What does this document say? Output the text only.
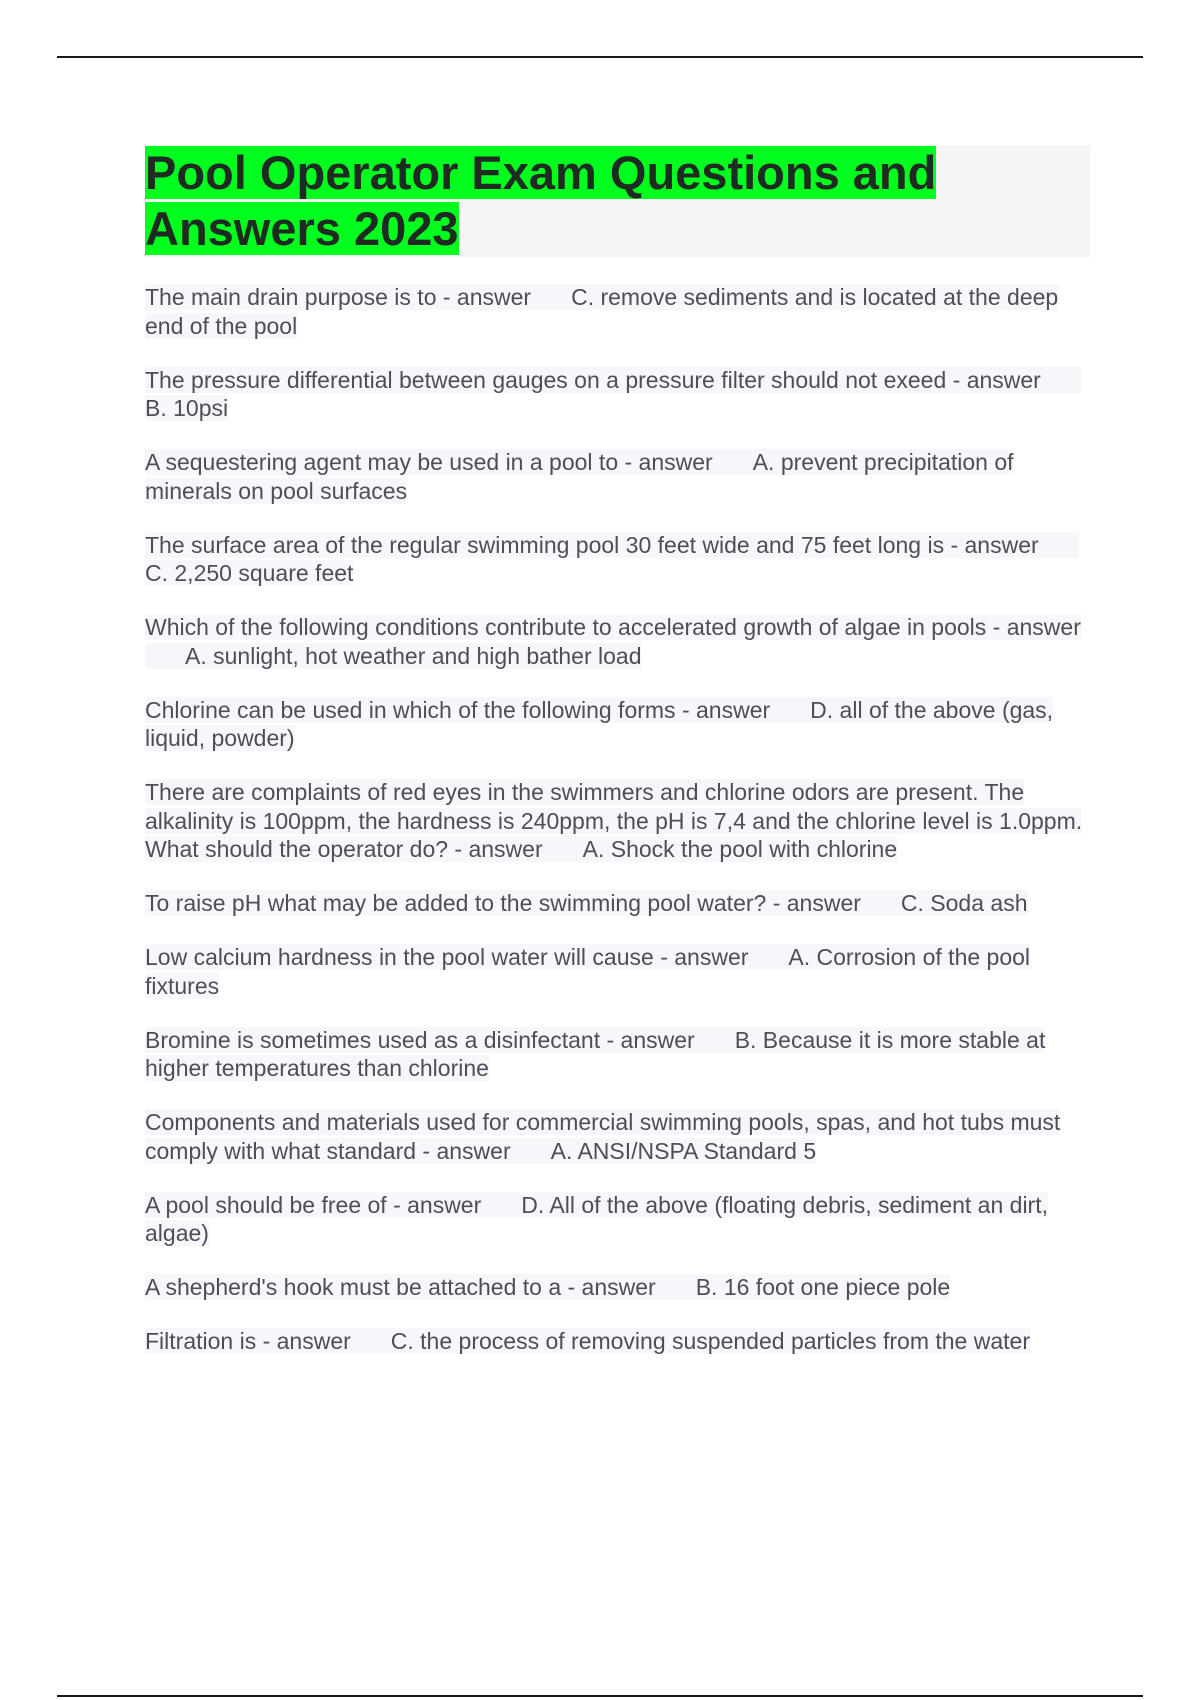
Pool Operator Exam Questions and Answers 2023

The main drain purpose is to - answer C. remove sediments and is located at the deep end of the pool

The pressure differential between gauges on a pressure filter should not exeed - answerB. 10psi

A sequestering agent may be used in a pool to - answer A. prevent precipitation of minerals on pool surfaces

The surface area of the regular swimming pool 30 feet wide and 75 feet long is - answerC. 2,250 square feet

Which of the following conditions contribute to accelerated growth of algae in pools - answerA. sunlight, hot weather and high bather load

Chlorine can be used in which of the following forms - answer D. all of the above (gas, liquid, powder)

There are complaints of red eyes in the swimmers and chlorine odors are present. The alkalinity is 100ppm, the hardness is 240ppm, the pH is 7,4 and the chlorine level is 1.0ppm. What should the operator do? - answer A. Shock the pool with chlorine

To raise pH what may be added to the swimming pool water? - answer C. Soda ash

Low calcium hardness in the pool water will cause - answer A. Corrosion of the pool fixtures

Bromine is sometimes used as a disinfectant - answer B. Because it is more stable at higher temperatures than chlorine

Components and materials used for commercial swimming pools, spas, and hot tubs must comply with what standard - answer A. ANSI/NSPA Standard 5

A pool should be free of - answer D. All of the above (floating debris, sediment an dirt, algae)

A shepherd's hook must be attached to a - answer B. 16 foot one piece pole

Filtration is - answer C. the process of removing suspended particles from the water
